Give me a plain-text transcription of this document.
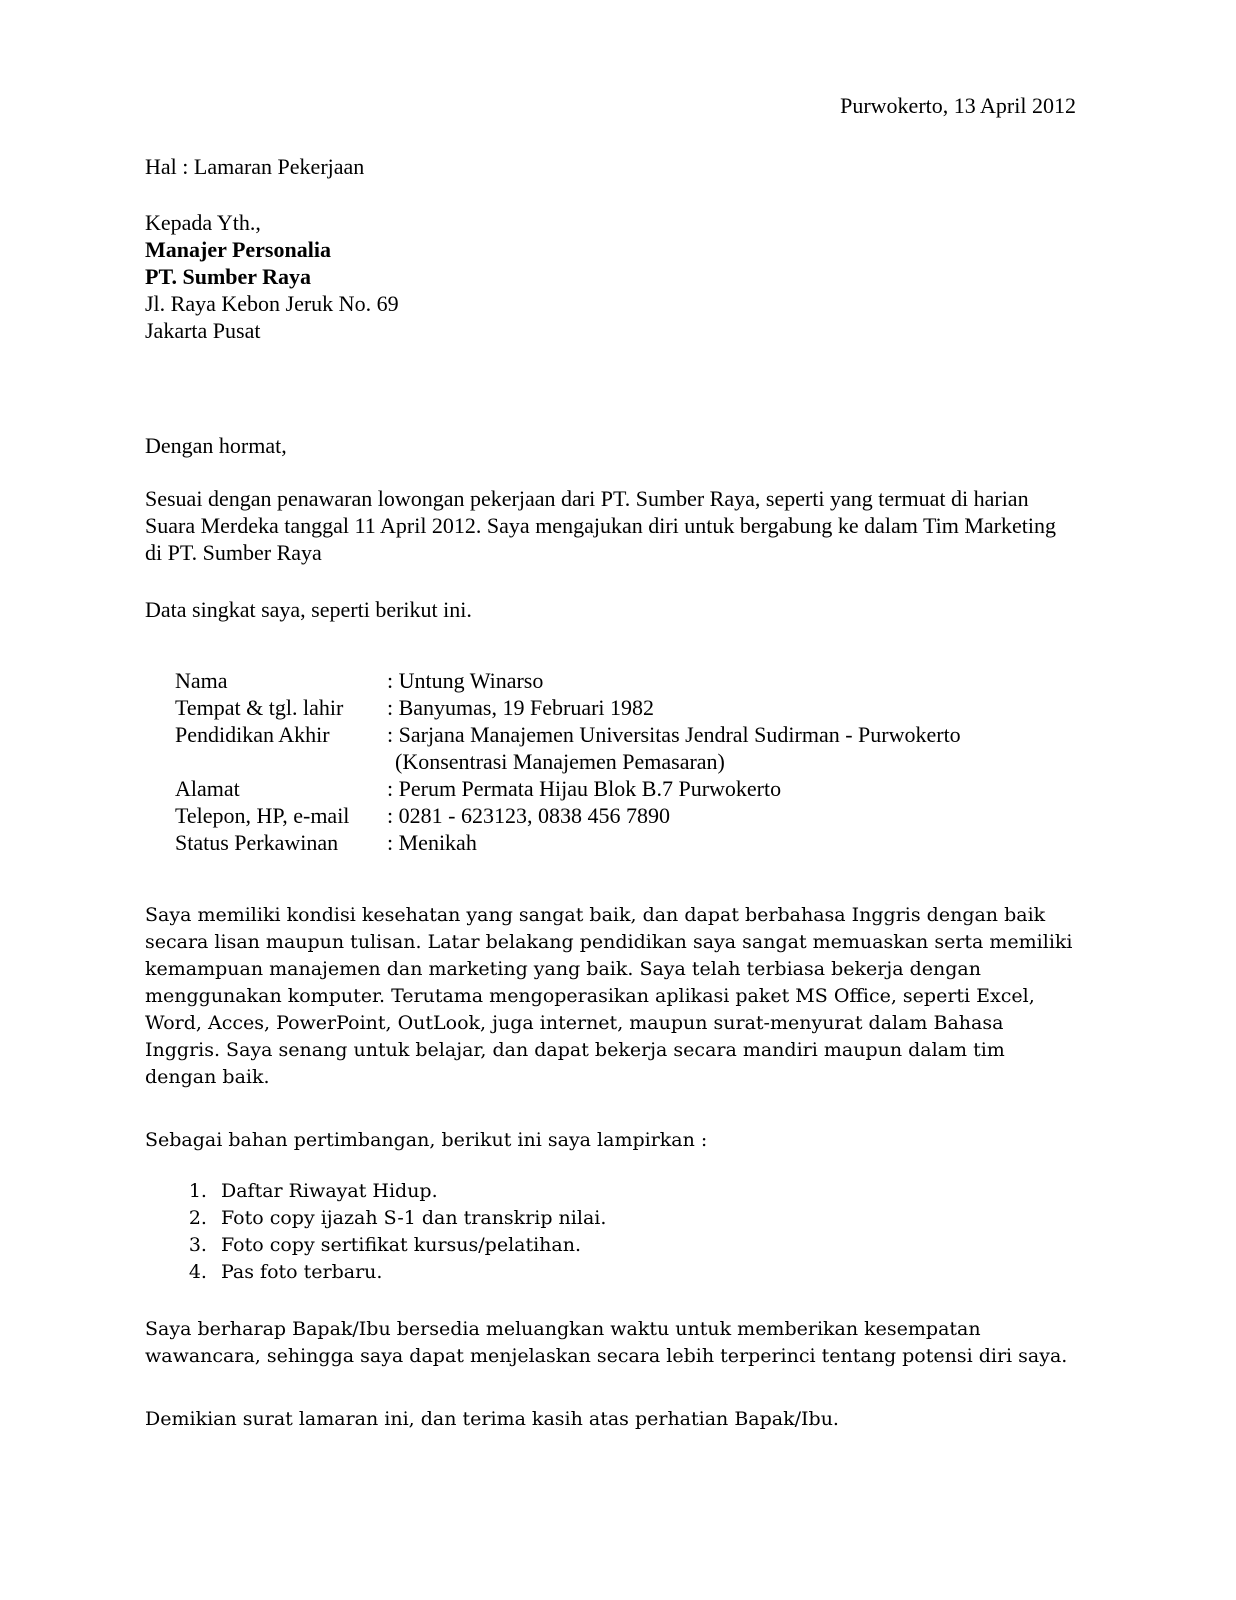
Purwokerto, 13 April 2012
Hal : Lamaran Pekerjaan
Kepada Yth.,
Manajer Personalia
PT. Sumber Raya
Jl. Raya Kebon Jeruk No. 69
Jakarta Pusat
Dengan hormat,

Sesuai dengan penawaran lowongan pekerjaan dari PT. Sumber Raya, seperti yang termuat di harian Suara Merdeka tanggal 11 April 2012. Saya mengajukan diri untuk bergabung ke dalam Tim Marketing di PT. Sumber Raya

Data singkat saya, seperti berikut ini.

Nama	: Untung Winarso
Tempat & tgl. lahir	: Banyumas, 19 Februari 1982
Pendidikan Akhir	: Sarjana Manajemen Universitas Jendral Sudirman - Purwokerto
(Konsentrasi Manajemen Pemasaran)
Alamat	: Perum Permata Hijau Blok B.7 Purwokerto
Telepon, HP, e-mail	: 0281 - 623123, 0838 456 7890
Status Perkawinan	: Menikah

Saya memiliki kondisi kesehatan yang sangat baik, dan dapat berbahasa Inggris dengan baik secara lisan maupun tulisan. Latar belakang pendidikan saya sangat memuaskan serta memiliki kemampuan manajemen dan marketing yang baik. Saya telah terbiasa bekerja dengan menggunakan komputer. Terutama mengoperasikan aplikasi paket MS Office, seperti Excel, Word, Acces, PowerPoint, OutLook, juga internet, maupun surat-menyurat dalam Bahasa Inggris. Saya senang untuk belajar, dan dapat bekerja secara mandiri maupun dalam tim dengan baik.

Sebagai bahan pertimbangan, berikut ini saya lampirkan :

1. Daftar Riwayat Hidup.
2. Foto copy ijazah S-1 dan transkrip nilai.
3. Foto copy sertifikat kursus/pelatihan.
4. Pas foto terbaru.

Saya berharap Bapak/Ibu bersedia meluangkan waktu untuk memberikan kesempatan wawancara, sehingga saya dapat menjelaskan secara lebih terperinci tentang potensi diri saya.

Demikian surat lamaran ini, dan terima kasih atas perhatian Bapak/Ibu.
